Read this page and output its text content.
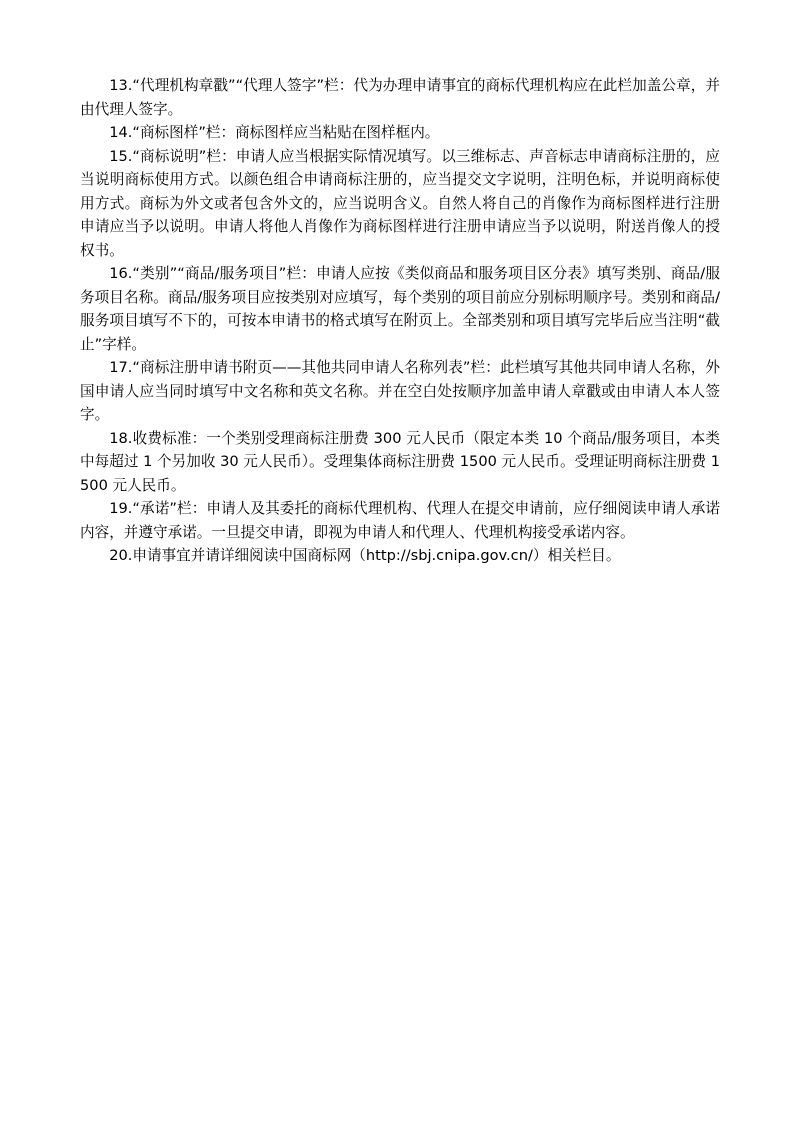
13.“代理机构章戳”“代理人签字”栏：代为办理申请事宜的商标代理机构应在此栏加盖公章，并由代理人签字。

14.“商标图样”栏：商标图样应当粘贴在图样框内。

15.“商标说明”栏：申请人应当根据实际情况填写。以三维标志、声音标志申请商标注册的，应当说明商标使用方式。以颜色组合申请商标注册的，应当提交文字说明，注明色标，并说明商标使用方式。商标为外文或者包含外文的，应当说明含义。自然人将自己的肖像作为商标图样进行注册申请应当予以说明。申请人将他人肖像作为商标图样进行注册申请应当予以说明，附送肖像人的授权书。

16.“类别”“商品/服务项目”栏：申请人应按《类似商品和服务项目区分表》填写类别、商品/服务项目名称。商品/服务项目应按类别对应填写，每个类别的项目前应分别标明顺序号。类别和商品/服务项目填写不下的，可按本申请书的格式填写在附页上。全部类别和项目填写完毕后应当注明“截止”字样。

17.“商标注册申请书附页——其他共同申请人名称列表”栏：此栏填写其他共同申请人名称，外国申请人应当同时填写中文名称和英文名称。并在空白处按顺序加盖申请人章戳或由申请人本人签字。

18.收费标准：一个类别受理商标注册费 300 元人民币（限定本类 10 个商品/服务项目，本类中每超过 1 个另加收 30 元人民币）。受理集体商标注册费 1500 元人民币。受理证明商标注册费 1500 元人民币。

19.“承诺”栏：申请人及其委托的商标代理机构、代理人在提交申请前，应仔细阅读申请人承诺内容，并遵守承诺。一旦提交申请，即视为申请人和代理人、代理机构接受承诺内容。

20.申请事宜并请详细阅读中国商标网（http://sbj.cnipa.gov.cn/）相关栏目。
